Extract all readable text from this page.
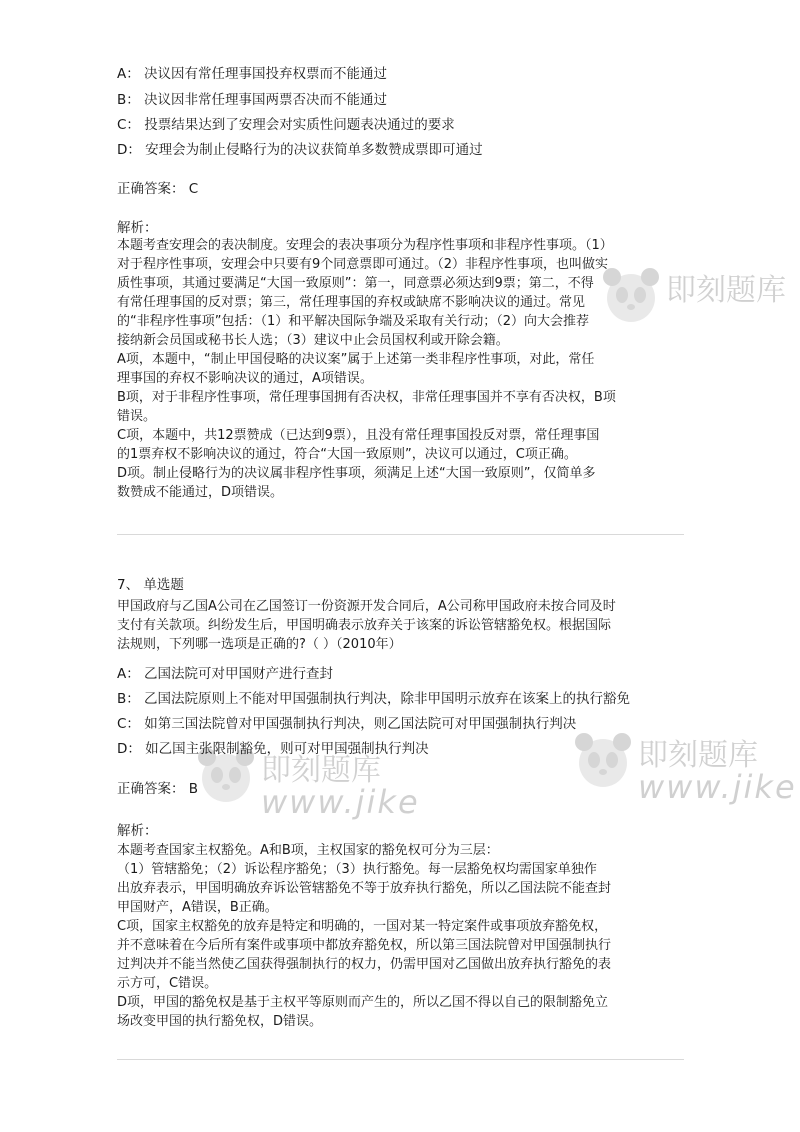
即刻题库
即刻题库
www.jike
即刻题库
www.jike
A： 决议因有常任理事国投弃权票而不能通过
B： 决议因非常任理事国两票否决而不能通过
C： 投票结果达到了安理会对实质性问题表决通过的要求
D： 安理会为制止侵略行为的决议获简单多数赞成票即可通过
正确答案： C
解析：
本题考查安理会的表决制度。安理会的表决事项分为程序性事项和非程序性事项。（1）
对于程序性事项，安理会中只要有9个同意票即可通过。（2）非程序性事项，也叫做实
质性事项，其通过要满足“大国一致原则”：第一，同意票必须达到9票；第二，不得
有常任理事国的反对票；第三，常任理事国的弃权或缺席不影响决议的通过。常见
的“非程序性事项”包括：（1）和平解决国际争端及采取有关行动；（2）向大会推荐
接纳新会员国或秘书长人选；（3）建议中止会员国权利或开除会籍。
A项，本题中，“制止甲国侵略的决议案”属于上述第一类非程序性事项，对此，常任
理事国的弃权不影响决议的通过，A项错误。
B项，对于非程序性事项，常任理事国拥有否决权，非常任理事国并不享有否决权，B项
错误。
C项，本题中，共12票赞成（已达到9票），且没有常任理事国投反对票，常任理事国
的1票弃权不影响决议的通过，符合“大国一致原则”，决议可以通过，C项正确。
D项。制止侵略行为的决议属非程序性事项，须满足上述“大国一致原则”，仅简单多
数赞成不能通过，D项错误。
7、 单选题
甲国政府与乙国A公司在乙国签订一份资源开发合同后，A公司称甲国政府未按合同及时
支付有关款项。纠纷发生后，甲国明确表示放弃关于该案的诉讼管辖豁免权。根据国际
法规则，下列哪一选项是正确的?（ ）（2010年）
A： 乙国法院可对甲国财产进行查封
B： 乙国法院原则上不能对甲国强制执行判决，除非甲国明示放弃在该案上的执行豁免
C： 如第三国法院曾对甲国强制执行判决，则乙国法院可对甲国强制执行判决
D： 如乙国主张限制豁免，则可对甲国强制执行判决
正确答案： B
解析：
本题考查国家主权豁免。A和B项，主权国家的豁免权可分为三层：
（1）管辖豁免；（2）诉讼程序豁免；（3）执行豁免。每一层豁免权均需国家单独作
出放弃表示，甲国明确放弃诉讼管辖豁免不等于放弃执行豁免，所以乙国法院不能查封
甲国财产，A错误，B正确。
C项，国家主权豁免的放弃是特定和明确的，一国对某一特定案件或事项放弃豁免权，
并不意味着在今后所有案件或事项中都放弃豁免权，所以第三国法院曾对甲国强制执行
过判决并不能当然使乙国获得强制执行的权力，仍需甲国对乙国做出放弃执行豁免的表
示方可，C错误。
D项，甲国的豁免权是基于主权平等原则而产生的，所以乙国不得以自己的限制豁免立
场改变甲国的执行豁免权，D错误。
